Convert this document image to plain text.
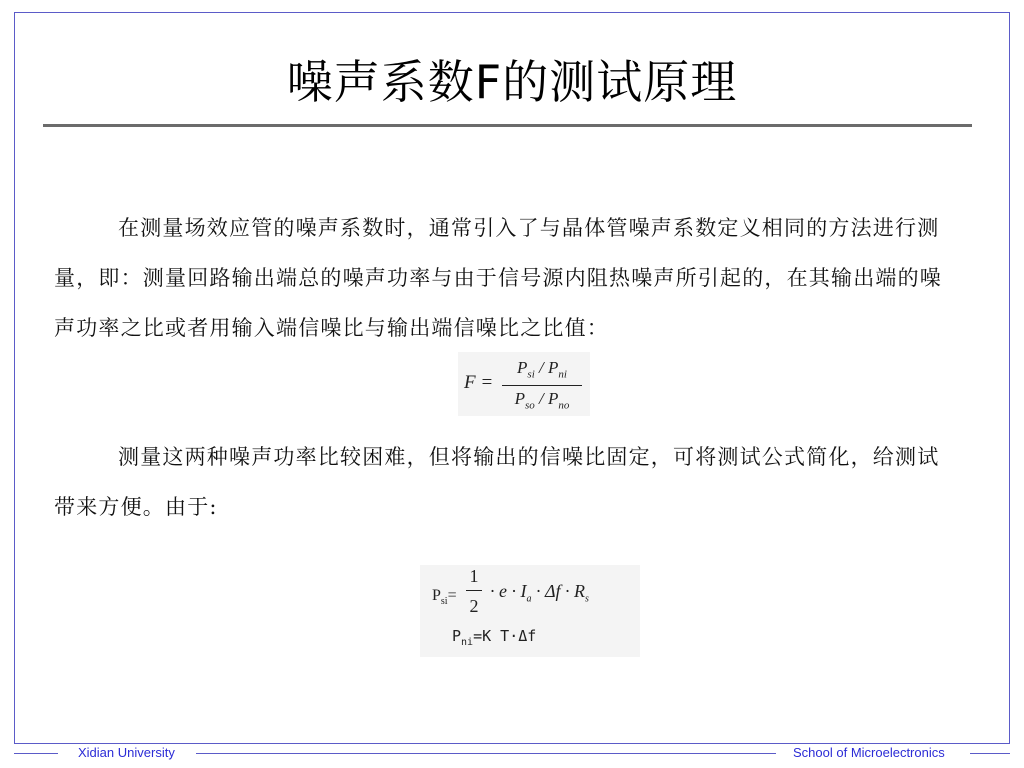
噪声系数F的测试原理
在测量场效应管的噪声系数时，通常引入了与晶体管噪声系数定义相同的方法进行测量，即：测量回路输出端总的噪声功率与由于信号源内阻热噪声所引起的，在其输出端的噪声功率之比或者用输入端信噪比与输出端信噪比之比值：
F =
$P_{si} / P_{ni}$
$P_{so} / P_{no}$
测量这两种噪声功率比较困难，但将输出的信噪比固定，可将测试公式简化，给测试带来方便。由于:
$P_{si}=$
1
2
· $e \cdot I_a \cdot \Delta f \cdot R_s$
$P_{ni}=K$ T·Δf
Xidian University	School of Microelectronics
